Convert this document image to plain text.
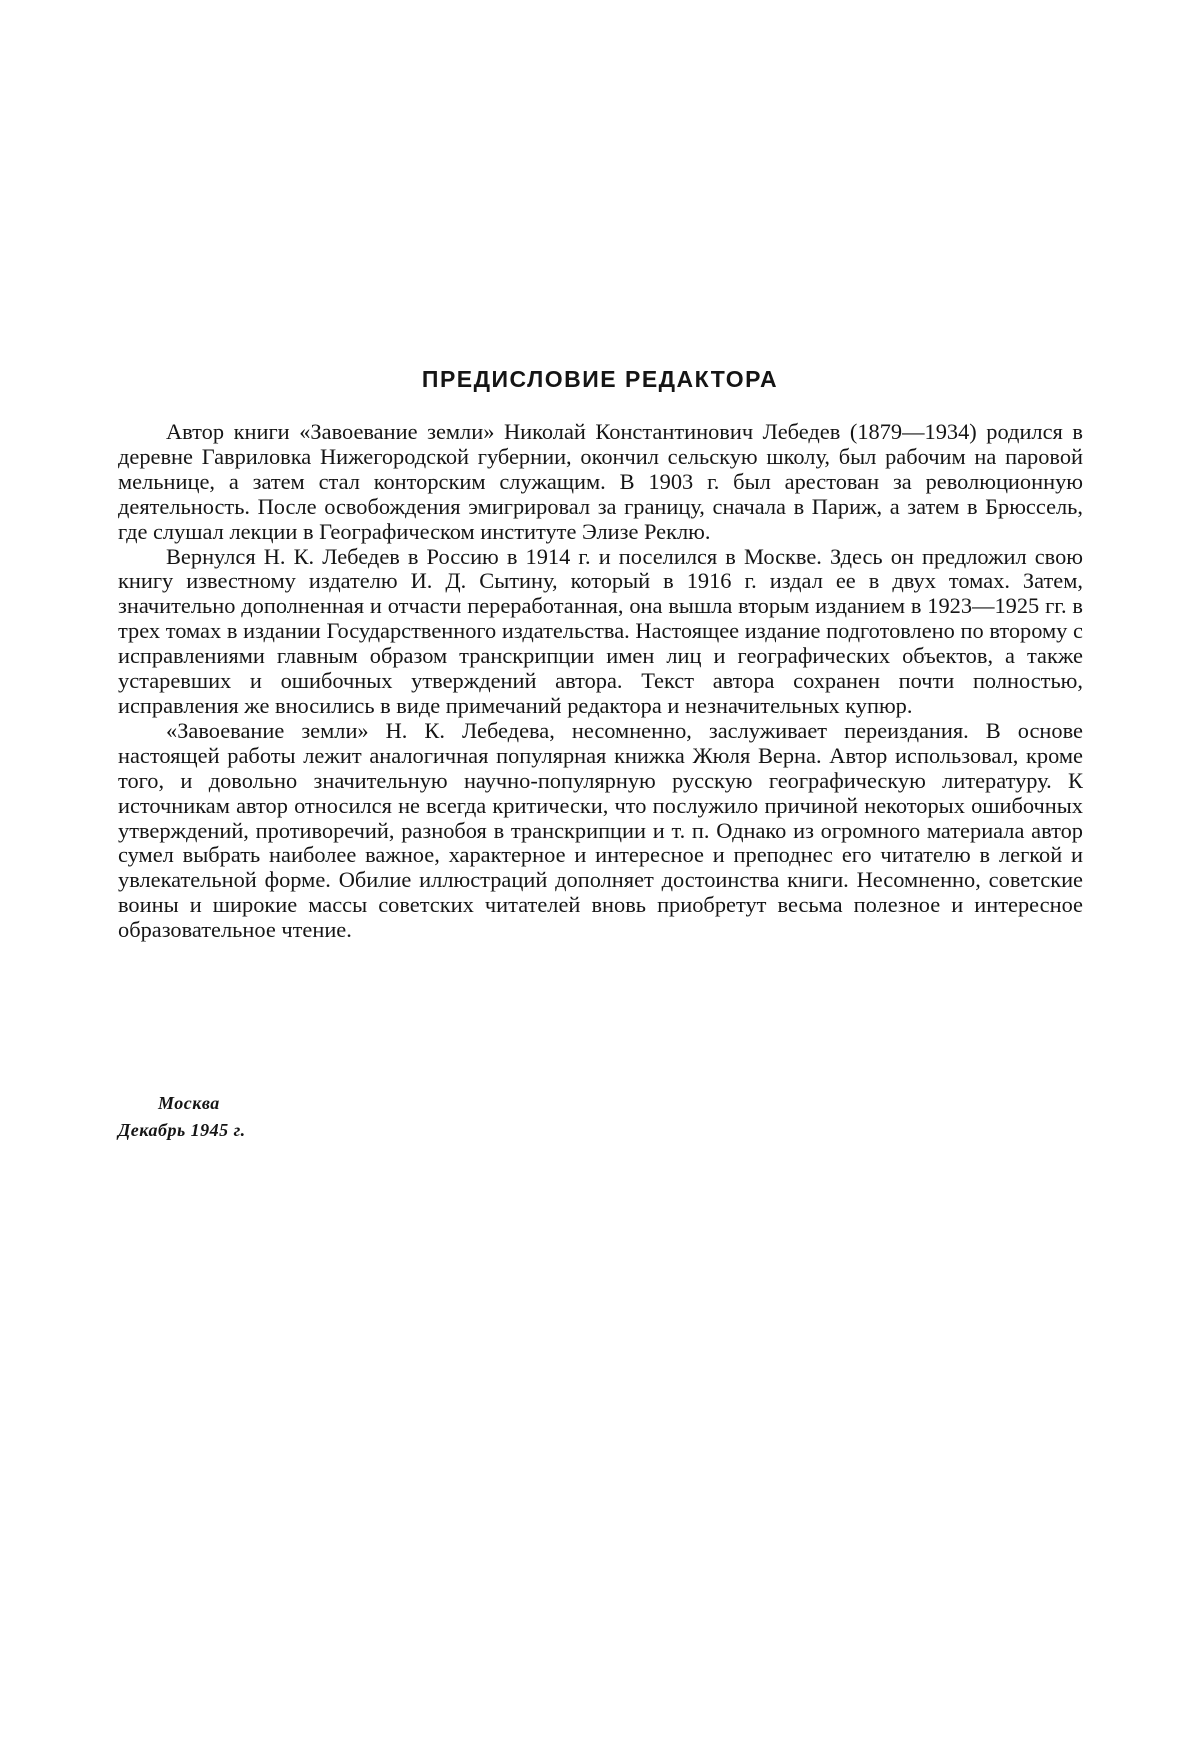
ПРЕДИСЛОВИЕ РЕДАКТОРА

Автор книги «Завоевание земли» Николай Константинович Лебедев (1879—1934) родился в деревне Гавриловка Нижегородской губернии, окончил сельскую школу, был рабочим на паровой мельнице, а затем стал конторским служащим. В 1903 г. был арестован за революционную деятельность. После освобождения эмигрировал за границу, сначала в Париж, а затем в Брюссель, где слушал лекции в Географическом институте Элизе Реклю.

Вернулся Н. К. Лебедев в Россию в 1914 г. и поселился в Москве. Здесь он предложил свою книгу известному издателю И. Д. Сытину, который в 1916 г. издал ее в двух томах. Затем, значительно дополненная и отчасти переработанная, она вышла вторым изданием в 1923—1925 гг. в трех томах в издании Государственного издательства. Настоящее издание подготовлено по второму с исправлениями главным образом транскрипции имен лиц и географических объектов, а также устаревших и ошибочных утверждений автора. Текст автора сохранен почти полностью, исправления же вносились в виде примечаний редактора и незначительных купюр.

«Завоевание земли» Н. К. Лебедева, несомненно, заслуживает переиздания. В основе настоящей работы лежит аналогичная популярная книжка Жюля Верна. Автор использовал, кроме того, и довольно значительную научно-популярную русскую географическую литературу. К источникам автор относился не всегда критически, что послужило причиной некоторых ошибочных утверждений, противоречий, разнобоя в транскрипции и т. п. Однако из огромного материала автор сумел выбрать наиболее важное, характерное и интересное и преподнес его читателю в легкой и увлекательной форме. Обилие иллюстраций дополняет достоинства книги. Несомненно, советские воины и широкие массы советских читателей вновь приобретут весьма полезное и интересное образовательное чтение.

Москва
Декабрь 1945 г.
